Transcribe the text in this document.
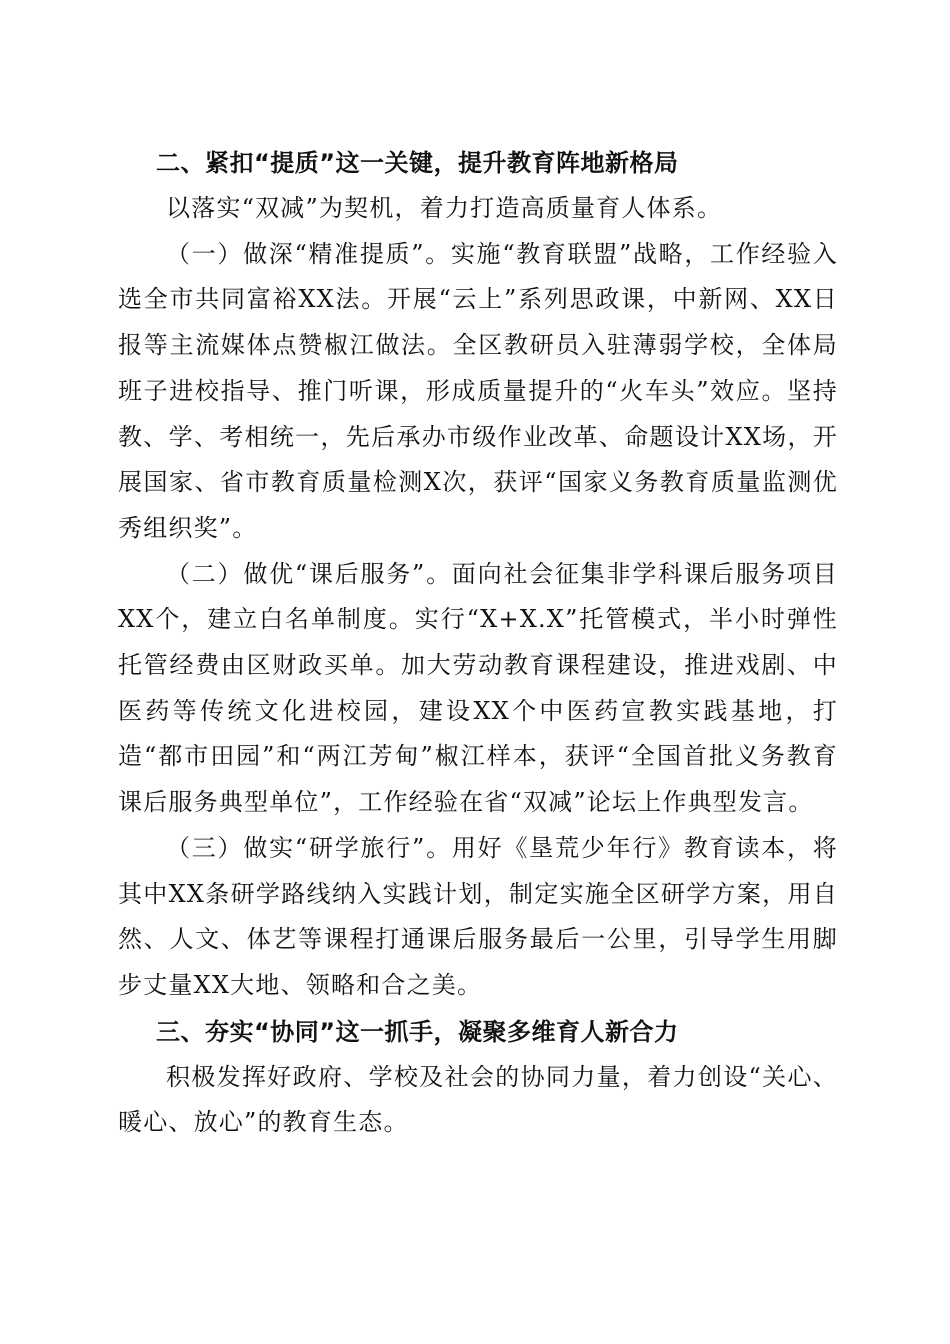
二、紧扣“提质”这一关键，提升教育阵地新格局

以落实“双减”为契机，着力打造高质量育人体系。

（一）做深“精准提质”。实施“教育联盟”战略，工作经验入选全市共同富裕XX法。开展“云上”系列思政课，中新网、XX日报等主流媒体点赞椒江做法。全区教研员入驻薄弱学校，全体局班子进校指导、推门听课，形成质量提升的“火车头”效应。坚持教、学、考相统一，先后承办市级作业改革、命题设计XX场，开展国家、省市教育质量检测X次，获评“国家义务教育质量监测优秀组织奖”。

（二）做优“课后服务”。面向社会征集非学科课后服务项目XX个，建立白名单制度。实行“X+X.X”托管模式，半小时弹性托管经费由区财政买单。加大劳动教育课程建设，推进戏剧、中医药等传统文化进校园，建设XX个中医药宣教实践基地，打造“都市田园”和“两江芳甸”椒江样本，获评“全国首批义务教育课后服务典型单位”，工作经验在省“双减”论坛上作典型发言。

（三）做实“研学旅行”。用好《垦荒少年行》教育读本，将其中XX条研学路线纳入实践计划，制定实施全区研学方案，用自然、人文、体艺等课程打通课后服务最后一公里，引导学生用脚步丈量XX大地、领略和合之美。

三、夯实“协同”这一抓手，凝聚多维育人新合力

积极发挥好政府、学校及社会的协同力量，着力创设“关心、暖心、放心”的教育生态。
